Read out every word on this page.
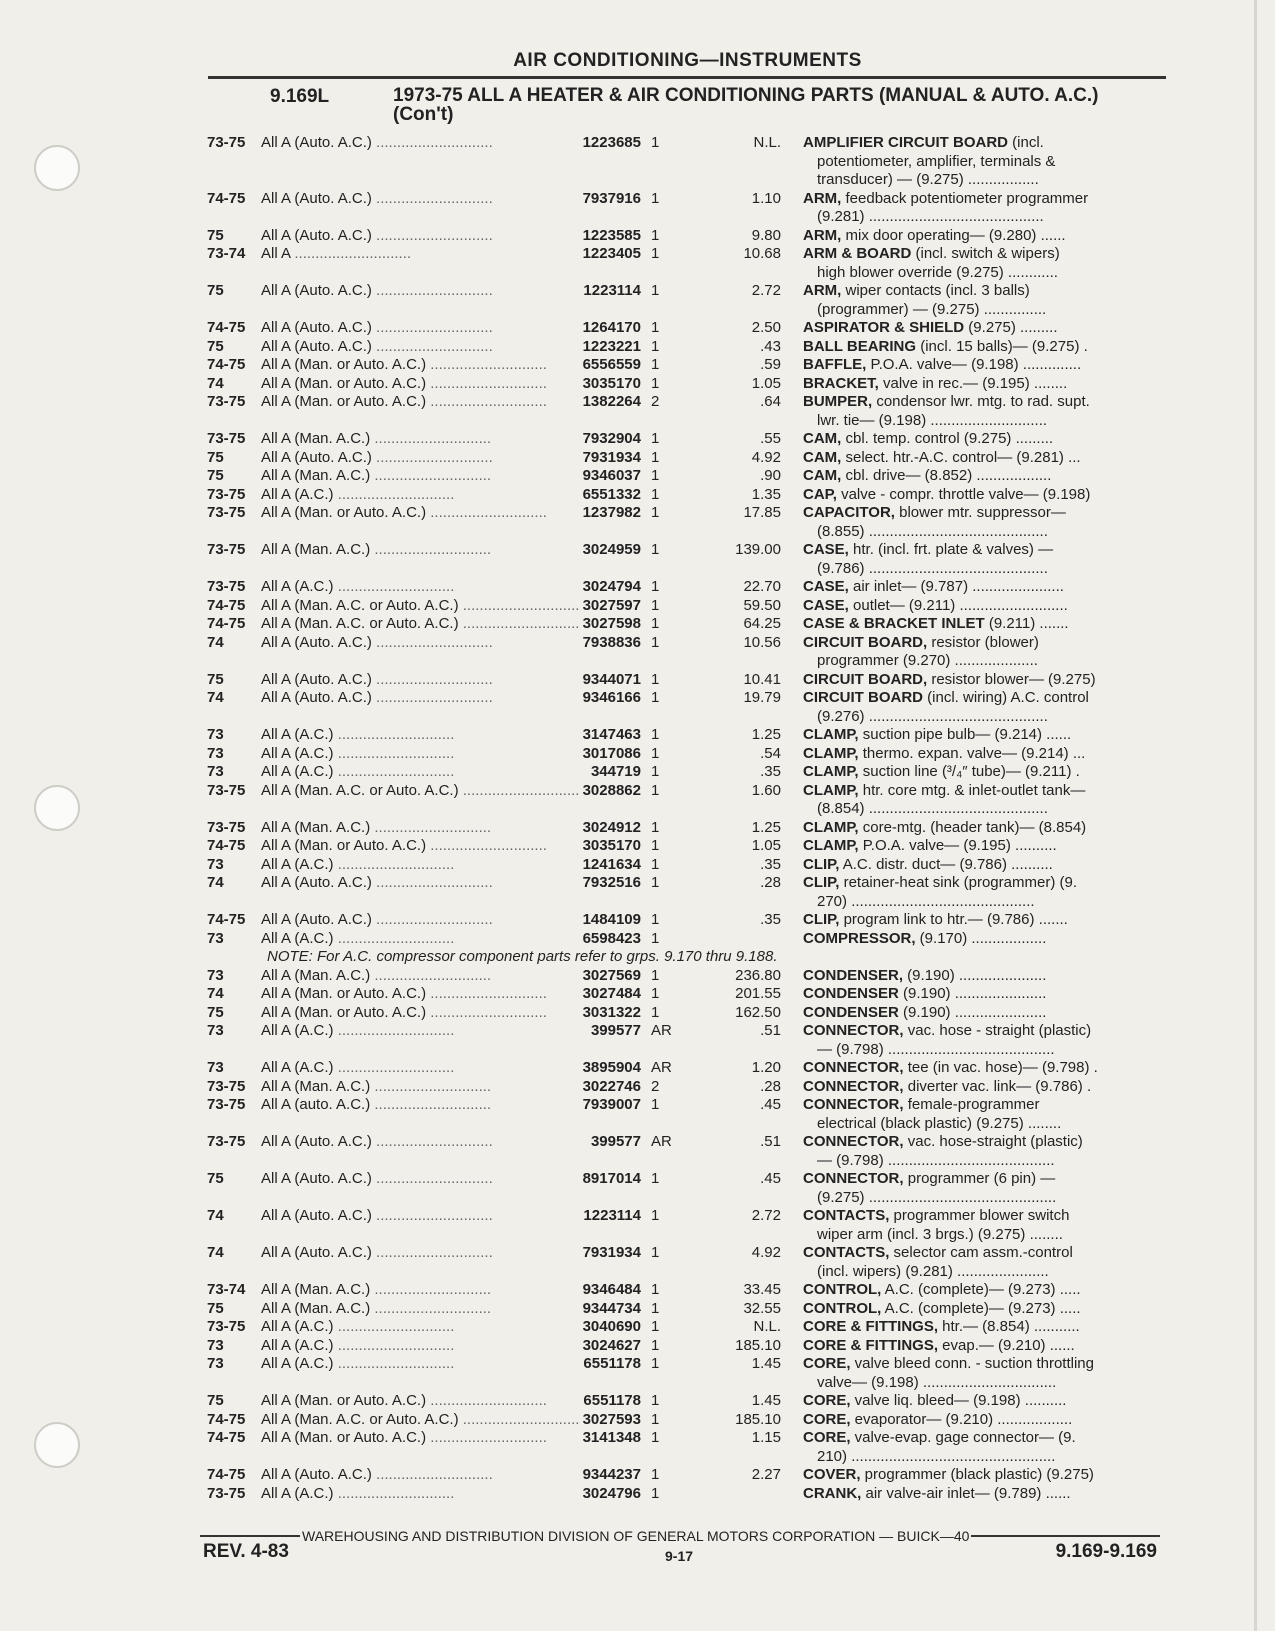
AIR CONDITIONING—INSTRUMENTS
9.169L	1973-75 ALL A HEATER & AIR CONDITIONING PARTS (MANUAL & AUTO. A.C.) (Con't)
73-75	All A (Auto. A.C.) ............................	1223685 1	N.L.	AMPLIFIER CIRCUIT BOARD (incl.
potentiometer, amplifier, terminals &
transducer) — (9.275) .................
74-75	All A (Auto. A.C.) ............................	7937916 1	1.10	ARM, feedback potentiometer programmer
(9.281) ..........................................
75	All A (Auto. A.C.) ............................	1223585 1	9.80	ARM, mix door operating— (9.280) ......
73-74	All A ............................	1223405 1	10.68	ARM & BOARD (incl. switch & wipers)
high blower override (9.275) ............
75	All A (Auto. A.C.) ............................	1223114 1	2.72	ARM, wiper contacts (incl. 3 balls)
(programmer) — (9.275) ...............
74-75	All A (Auto. A.C.) ............................	1264170 1	2.50	ASPIRATOR & SHIELD (9.275) .........
75	All A (Auto. A.C.) ............................	1223221 1	.43	BALL BEARING (incl. 15 balls)— (9.275) .
74-75	All A (Man. or Auto. A.C.) ............................	6556559 1	.59	BAFFLE, P.O.A. valve— (9.198) ..............
74	All A (Man. or Auto. A.C.) ............................	3035170 1	1.05	BRACKET, valve in rec.— (9.195) ........
73-75	All A (Man. or Auto. A.C.) ............................	1382264 2	.64	BUMPER, condensor lwr. mtg. to rad. supt.
lwr. tie— (9.198) ............................
73-75	All A (Man. A.C.) ............................	7932904 1	.55	CAM, cbl. temp. control (9.275) .........
75	All A (Auto. A.C.) ............................	7931934 1	4.92	CAM, select. htr.-A.C. control— (9.281) ...
75	All A (Man. A.C.) ............................	9346037 1	.90	CAM, cbl. drive— (8.852) ..................
73-75	All A (A.C.) ............................	6551332 1	1.35	CAP, valve - compr. throttle valve— (9.198)
73-75	All A (Man. or Auto. A.C.) ............................	1237982 1	17.85	CAPACITOR, blower mtr. suppressor—
(8.855) ...........................................
73-75	All A (Man. A.C.) ............................	3024959 1	139.00	CASE, htr. (incl. frt. plate & valves) —
(9.786) ...........................................
73-75	All A (A.C.) ............................	3024794 1	22.70	CASE, air inlet— (9.787) ......................
74-75	All A (Man. A.C. or Auto. A.C.) ............................ 3027597 1	59.50	CASE, outlet— (9.211) ..........................
74-75	All A (Man. A.C. or Auto. A.C.) ............................ 3027598 1	64.25	CASE & BRACKET INLET (9.211) .......
74	All A (Auto. A.C.) ............................	7938836 1	10.56	CIRCUIT BOARD, resistor (blower)
programmer (9.270) ....................
75	All A (Auto. A.C.) ............................	9344071 1	10.41	CIRCUIT BOARD, resistor blower— (9.275)
74	All A (Auto. A.C.) ............................	9346166 1	19.79	CIRCUIT BOARD (incl. wiring) A.C. control
(9.276) ...........................................
73	All A (A.C.) ............................	3147463 1	1.25	CLAMP, suction pipe bulb— (9.214) ......
73	All A (A.C.) ............................	3017086 1	.54	CLAMP, thermo. expan. valve— (9.214) ...
73	All A (A.C.) ............................	344719 1	.35	CLAMP, suction line (³/₄″ tube)— (9.211) .
73-75	All A (Man. A.C. or Auto. A.C.) ............................ 3028862 1	1.60	CLAMP, htr. core mtg. & inlet-outlet tank—
(8.854) ...........................................
73-75	All A (Man. A.C.) ............................	3024912 1	1.25	CLAMP, core-mtg. (header tank)— (8.854)
74-75	All A (Man. or Auto. A.C.) ............................	3035170 1	1.05	CLAMP, P.O.A. valve— (9.195) ..........
73	All A (A.C.) ............................	1241634 1	.35	CLIP, A.C. distr. duct— (9.786) ..........
74	All A (Auto. A.C.) ............................	7932516 1	.28	CLIP, retainer-heat sink (programmer) (9.
270) ............................................
74-75	All A (Auto. A.C.) ............................	1484109 1	.35	CLIP, program link to htr.— (9.786) .......
73	All A (A.C.) ............................	6598423 1	COMPRESSOR, (9.170) ..................
NOTE: For A.C. compressor component parts refer to grps. 9.170 thru 9.188.
73	All A (Man. A.C.) ............................	3027569 1	236.80	CONDENSER, (9.190) .....................
74	All A (Man. or Auto. A.C.) ............................	3027484 1	201.55	CONDENSER (9.190) ......................
75	All A (Man. or Auto. A.C.) ............................	3031322 1	162.50	CONDENSER (9.190) ......................
73	All A (A.C.) ............................	399577 AR	.51	CONNECTOR, vac. hose - straight (plastic)
— (9.798) ........................................
73	All A (A.C.) ............................	3895904 AR	1.20	CONNECTOR, tee (in vac. hose)— (9.798) .
73-75	All A (Man. A.C.) ............................	3022746 2	.28	CONNECTOR, diverter vac. link— (9.786) .
73-75	All A (auto. A.C.) ............................	7939007 1	.45	CONNECTOR, female-programmer
electrical (black plastic) (9.275) ........
73-75	All A (Auto. A.C.) ............................	399577 AR	.51	CONNECTOR, vac. hose-straight (plastic)
— (9.798) ........................................
75	All A (Auto. A.C.) ............................	8917014 1	.45	CONNECTOR, programmer (6 pin) —
(9.275) .............................................
74	All A (Auto. A.C.) ............................	1223114 1	2.72	CONTACTS, programmer blower switch
wiper arm (incl. 3 brgs.) (9.275) ........
74	All A (Auto. A.C.) ............................	7931934 1	4.92	CONTACTS, selector cam assm.-control
(incl. wipers) (9.281) ......................
73-74	All A (Man. A.C.) ............................	9346484 1	33.45	CONTROL, A.C. (complete)— (9.273) .....
75	All A (Man. A.C.) ............................	9344734 1	32.55	CONTROL, A.C. (complete)— (9.273) .....
73-75	All A (A.C.) ............................	3040690 1	N.L.	CORE & FITTINGS, htr.— (8.854) ...........
73	All A (A.C.) ............................	3024627 1	185.10	CORE & FITTINGS, evap.— (9.210) ......
73	All A (A.C.) ............................	6551178 1	1.45	CORE, valve bleed conn. - suction throttling
valve— (9.198) ................................
75	All A (Man. or Auto. A.C.) ............................	6551178 1	1.45	CORE, valve liq. bleed— (9.198) ..........
74-75	All A (Man. A.C. or Auto. A.C.) ............................ 3027593 1	185.10	CORE, evaporator— (9.210) ..................
74-75	All A (Man. or Auto. A.C.) ............................	3141348 1	1.15	CORE, valve-evap. gage connector— (9.
210) .................................................
74-75	All A (Auto. A.C.) ............................	9344237 1	2.27	COVER, programmer (black plastic) (9.275)
73-75	All A (A.C.) ............................	3024796 1	CRANK, air valve-air inlet— (9.789) ......
WAREHOUSING AND DISTRIBUTION DIVISION OF GENERAL MOTORS CORPORATION — BUICK—40
REV. 4-83	9-17	9.169-9.169
